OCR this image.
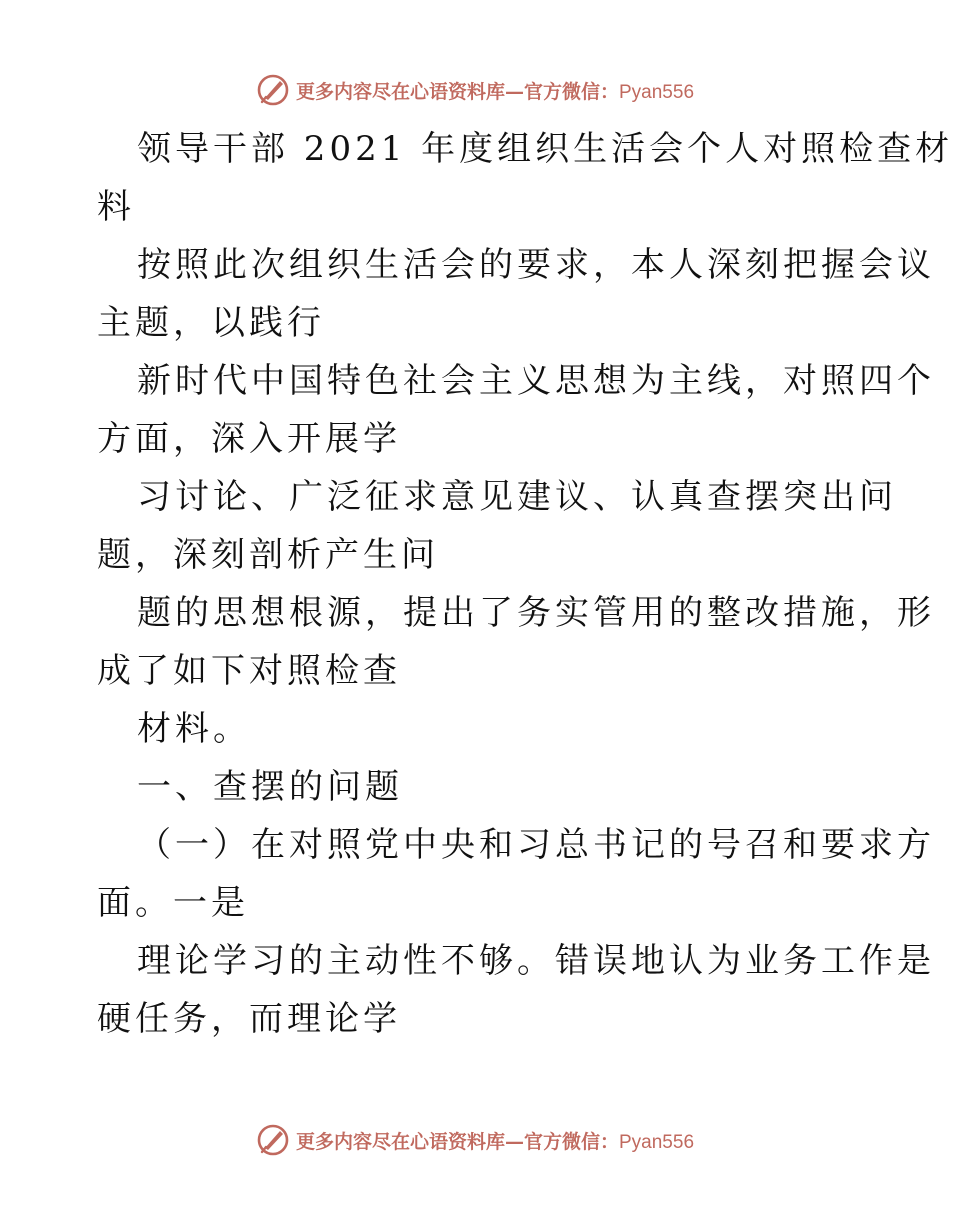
更多内容尽在心语资料库—官方微信：Pyan556
领导干部 2021 年度组织生活会个人对照检查材
料
按照此次组织生活会的要求，本人深刻把握会议
主题，以践行
新时代中国特色社会主义思想为主线，对照四个
方面，深入开展学
习讨论、广泛征求意见建议、认真查摆突出问
题，深刻剖析产生问
题的思想根源，提出了务实管用的整改措施，形
成了如下对照检查
材料。
一、查摆的问题
（一）在对照党中央和习总书记的号召和要求方
面。一是
理论学习的主动性不够。错误地认为业务工作是
硬任务，而理论学
更多内容尽在心语资料库—官方微信：Pyan556
